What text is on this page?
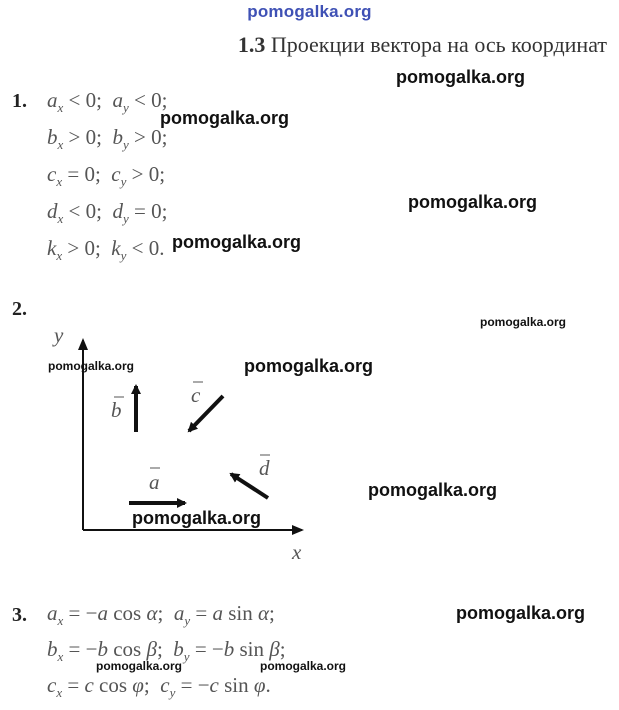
pomogalka.org
1.3 Проекции вектора на ось координат
1. $a_x < 0$;  $a_y < 0$;
$b_x > 0$;  $b_y > 0$;
$c_x = 0$;  $c_y > 0$;
$d_x < 0$;  $d_y = 0$;
$k_x > 0$;  $k_y < 0$.
2.
y
x
b
c
a
d
3. $a_x = -a$ cos α;  $a_y = a$ sin α;
$b_x = -b$ cos β;  $b_y = -b$ sin β;
$c_x = c$ cos φ;  $c_y = -c$ sin φ.
pomogalka.org
pomogalka.org
pomogalka.org
pomogalka.org
pomogalka.org
pomogalka.org	pomogalka.org
pomogalka.org
pomogalka.org
pomogalka.org
pomogalka.org	pomogalka.org
